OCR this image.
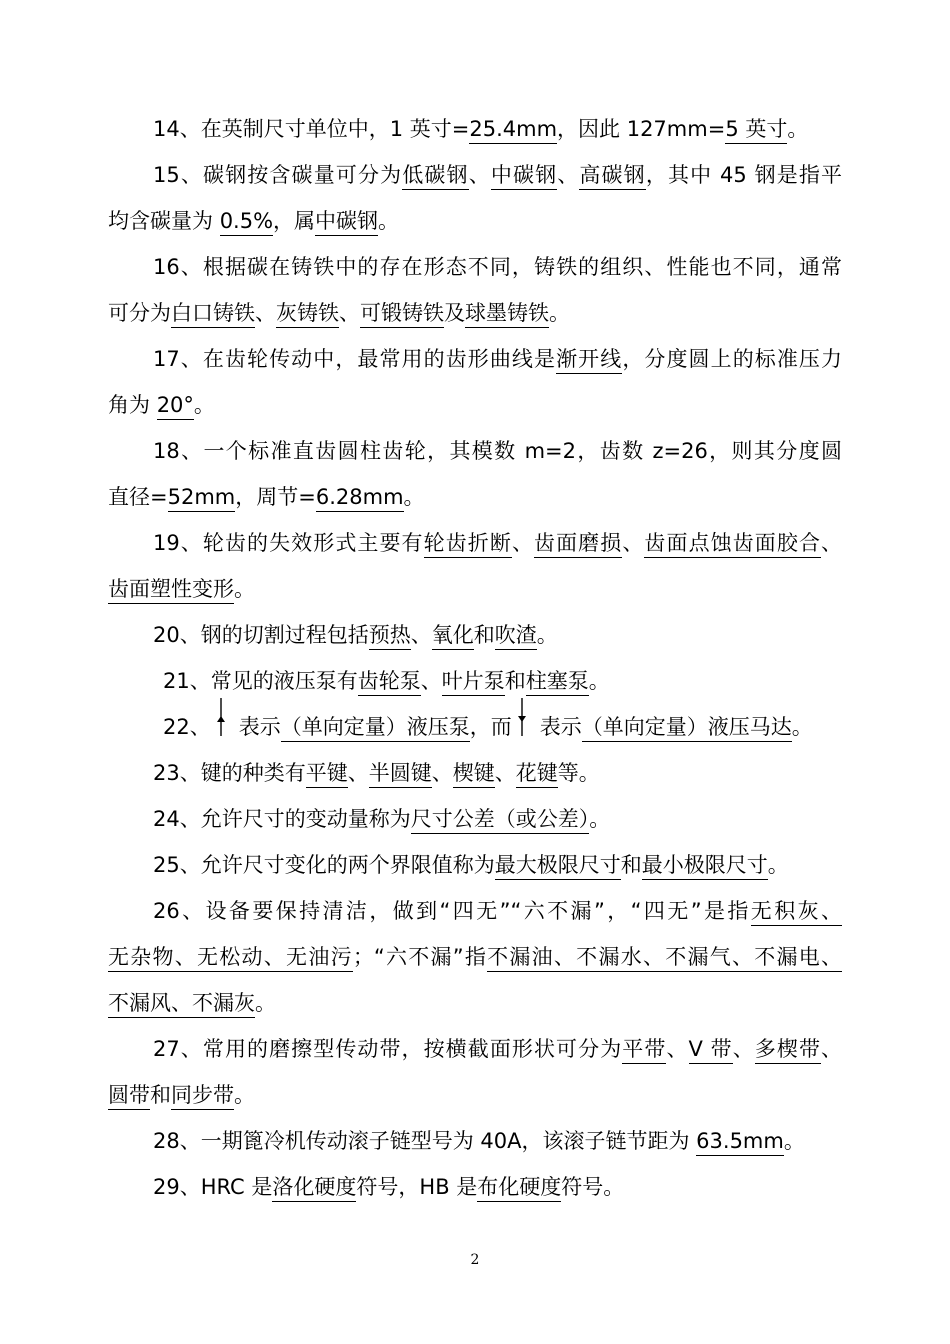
14、在英制尺寸单位中，1 英寸=25.4mm，因此 127mm=5 英寸。
15、碳钢按含碳量可分为低碳钢、中碳钢、高碳钢，其中 45 钢是指平
均含碳量为 0.5%，属中碳钢。
16、根据碳在铸铁中的存在形态不同，铸铁的组织、性能也不同，通常
可分为白口铸铁、灰铸铁、可锻铸铁及球墨铸铁。
17、在齿轮传动中，最常用的齿形曲线是渐开线，分度圆上的标准压力
角为 20°。
18、一个标准直齿圆柱齿轮，其模数 m=2，齿数 z=26，则其分度圆
直径=52mm，周节=6.28mm。
19、轮齿的失效形式主要有轮齿折断、齿面磨损、齿面点蚀齿面胶合、
齿面塑性变形。
20、钢的切割过程包括预热、氧化和吹渣。
21、常见的液压泵有齿轮泵、叶片泵和柱塞泵。
22、 表示（单向定量）液压泵，而 表示（单向定量）液压马达。
23、键的种类有平键、半圆键、楔键、花键等。
24、允许尺寸的变动量称为尺寸公差（或公差）。
25、允许尺寸变化的两个界限值称为最大极限尺寸和最小极限尺寸。
26、设备要保持清洁，做到“四无”“六不漏”，“四无”是指无积灰、
无杂物、无松动、无油污；“六不漏”指不漏油、不漏水、不漏气、不漏电、
不漏风、不漏灰。
27、常用的磨擦型传动带，按横截面形状可分为平带、V 带、多楔带、
圆带和同步带。
28、一期篦冷机传动滚子链型号为 40A，该滚子链节距为 63.5mm。
29、HRC 是洛化硬度符号，HB 是布化硬度符号。
2
